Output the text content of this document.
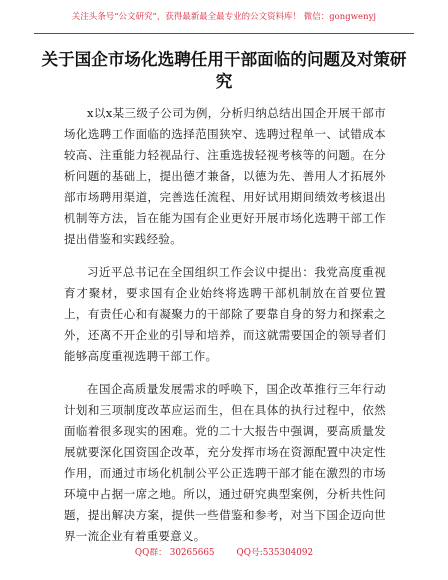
关注头条号“公文研究”，获得最新最全最专业的公文资料库！ 微信：gongwenyj
关于国企市场化选聘任用干部面临的问题及对策研究

x以x某三级子公司为例，分析归纳总结出国企开展干部市场化选聘工作面临的选择范围狭窄、选聘过程单一、试错成本较高、注重能力轻视品行、注重选拔轻视考核等的问题。在分析问题的基础上，提出德才兼备，以德为先、善用人才拓展外部市场聘用渠道，完善选任流程、用好试用期间绩效考核退出机制等方法，旨在能为国有企业更好开展市场化选聘干部工作提出借鉴和实践经验。

习近平总书记在全国组织工作会议中提出：我党高度重视育才聚材，要求国有企业始终将选聘干部机制放在首要位置上，有责任心和有凝聚力的干部除了要靠自身的努力和探索之外，还离不开企业的引导和培养，而这就需要国企的领导者们能够高度重视选聘干部工作。

在国企高质量发展需求的呼唤下，国企改革推行三年行动计划和三项制度改革应运而生，但在具体的执行过程中，依然面临着很多现实的困难。党的二十大报告中强调，要高质量发展就要深化国资国企改革，充分发挥市场在资源配置中决定性作用，而通过市场化机制公平公正选聘干部才能在激烈的市场环境中占据一席之地。所以，通过研究典型案例，分析共性问题，提出解决方案，提供一些借鉴和参考，对当下国企迈向世界一流企业有着重要意义。

QQ群： 30265665	QQ号:535304092
